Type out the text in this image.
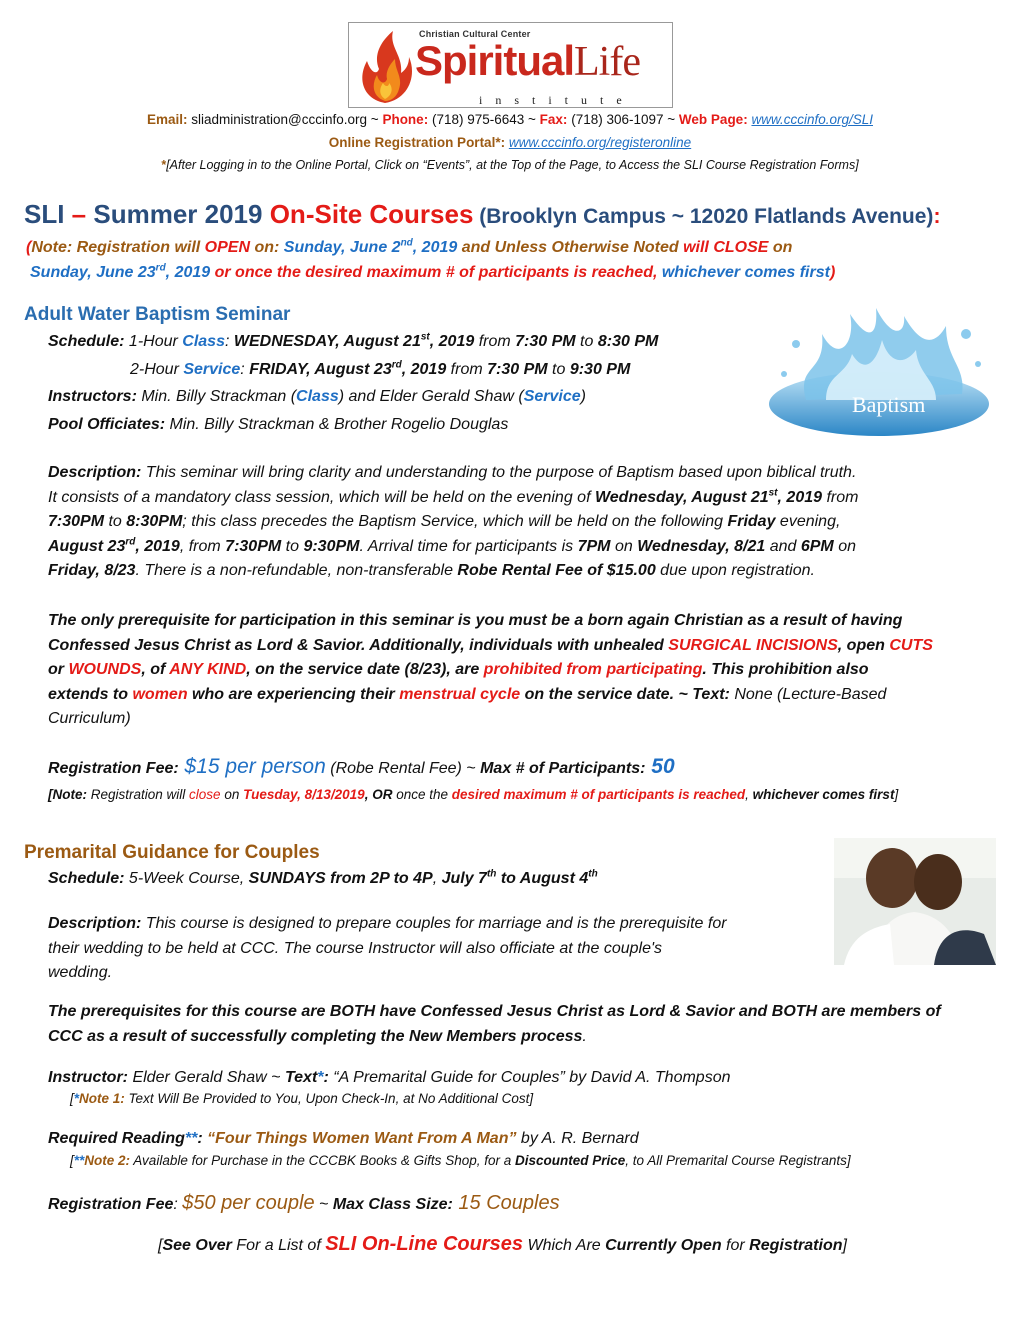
Christian Cultural Center
SpiritualLife
institute
Email: sliadministration@cccinfo.org ~ Phone: (718) 975-6643 ~ Fax: (718) 306-1097 ~ Web Page: www.cccinfo.org/SLI
Online Registration Portal*: www.cccinfo.org/registeronline
*[After Logging in to the Online Portal, Click on “Events”, at the Top of the Page, to Access the SLI Course Registration Forms]
SLI – Summer 2019 On-Site Courses (Brooklyn Campus ~ 12020 Flatlands Avenue):
(Note: Registration will OPEN on: Sunday, June 2nd, 2019 and Unless Otherwise Noted will CLOSE on
Sunday, June 23rd, 2019 or once the desired maximum # of participants is reached, whichever comes first)
Adult Water Baptism Seminar
Baptism
Schedule: 1-Hour Class: WEDNESDAY, August 21st, 2019 from 7:30 PM to 8:30 PM
2-Hour Service: FRIDAY, August 23rd, 2019 from 7:30 PM to 9:30 PM
Instructors: Min. Billy Strackman (Class) and Elder Gerald Shaw (Service)
Pool Officiates: Min. Billy Strackman & Brother Rogelio Douglas
Description: This seminar will bring clarity and understanding to the purpose of Baptism based upon biblical truth.
It consists of a mandatory class session, which will be held on the evening of Wednesday, August 21st, 2019 from
7:30PM to 8:30PM; this class precedes the Baptism Service, which will be held on the following Friday evening,
August 23rd, 2019, from 7:30PM to 9:30PM. Arrival time for participants is 7PM on Wednesday, 8/21 and 6PM on
Friday, 8/23. There is a non-refundable, non-transferable Robe Rental Fee of $15.00 due upon registration.
The only prerequisite for participation in this seminar is you must be a born again Christian as a result of having
Confessed Jesus Christ as Lord & Savior. Additionally, individuals with unhealed SURGICAL INCISIONS, open CUTS
or WOUNDS, of ANY KIND, on the service date (8/23), are prohibited from participating. This prohibition also
extends to women who are experiencing their menstrual cycle on the service date. ~ Text: None (Lecture-Based
Curriculum)
Registration Fee: $15 per person (Robe Rental Fee) ~ Max # of Participants: 50
[Note: Registration will close on Tuesday, 8/13/2019, OR once the desired maximum # of participants is reached, whichever comes first]
Premarital Guidance for Couples
Schedule: 5-Week Course, SUNDAYS from 2P to 4P, July 7th to August 4th
Description: This course is designed to prepare couples for marriage and is the prerequisite for
their wedding to be held at CCC. The course Instructor will also officiate at the couple's
wedding.
The prerequisites for this course are BOTH have Confessed Jesus Christ as Lord & Savior and BOTH are members of
CCC as a result of successfully completing the New Members process.
Instructor: Elder Gerald Shaw ~ Text*: “A Premarital Guide for Couples” by David A. Thompson
[*Note 1: Text Will Be Provided to You, Upon Check-In, at No Additional Cost]
Required Reading**: “Four Things Women Want From A Man” by A. R. Bernard
[**Note 2: Available for Purchase in the CCCBK Books & Gifts Shop, for a Discounted Price, to All Premarital Course Registrants]
Registration Fee: $50 per couple ~ Max Class Size: 15 Couples
[See Over For a List of SLI On-Line Courses Which Are Currently Open for Registration]
